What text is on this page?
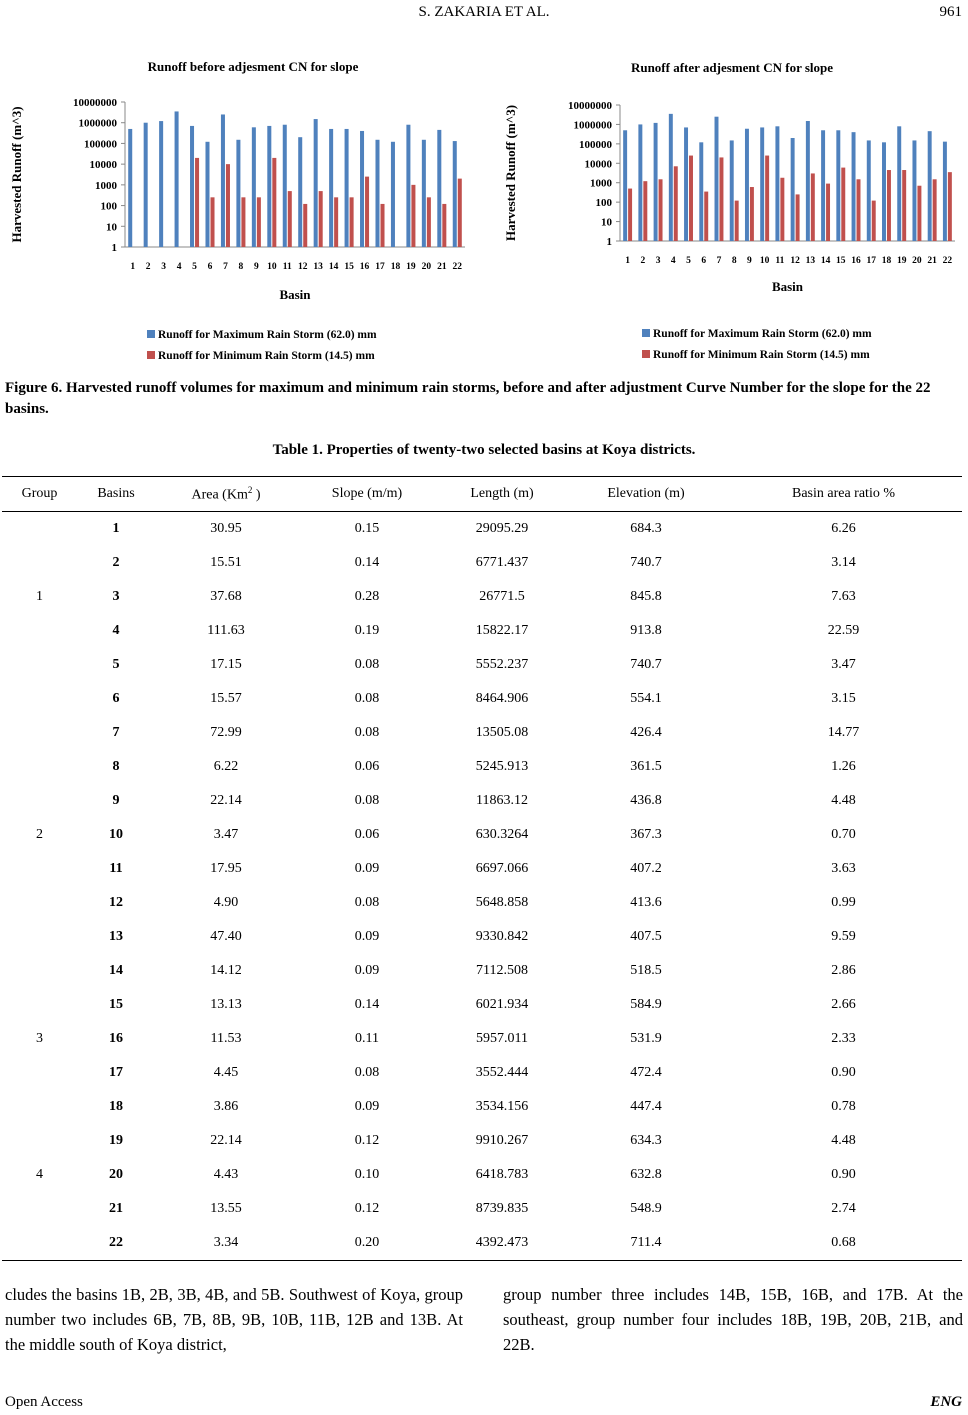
S. ZAKARIA ET AL.	961
Runoff before adjesment CN for slope
1
10
100
1000
10000
100000
1000000
10000000
1 2 3 4 5 6 7 8 9 10 11 12 13 14 15 16 17 18 19 20 21 22
Basin
Harvested Runoff (m^3)
Runoff for Maximum Rain Storm (62.0) mm
Runoff for Minimum Rain Storm (14.5) mm
Runoff after adjesment CN for slope
1
10
100
1000
10000
100000
1000000
10000000
1 2 3 4 5 6 7 8 9 10 11 12 13 14 15 16 17 18 19 20 21 22
Basin
Harvested Runoff (m^3)
Runoff for Maximum Rain Storm (62.0) mm
Runoff for Minimum Rain Storm (14.5) mm
Figure 6. Harvested runoff volumes for maximum and minimum rain storms, before and after adjustment Curve Number for the slope for the 22 basins.
Table 1. Properties of twenty-two selected basins at Koya districts.
Group	Basins	Area (Km$^2$ )	Slope (m/m)	Length (m)	Elevation (m)	Basin area ratio %
	1	30.95	0.15	29095.29	684.3	6.26
	2	15.51	0.14	6771.437	740.7	3.14
1	3	37.68	0.28	26771.5	845.8	7.63
	4	111.63	0.19	15822.17	913.8	22.59
	5	17.15	0.08	5552.237	740.7	3.47
	6	15.57	0.08	8464.906	554.1	3.15
	7	72.99	0.08	13505.08	426.4	14.77
	8	6.22	0.06	5245.913	361.5	1.26
	9	22.14	0.08	11863.12	436.8	4.48
2	10	3.47	0.06	630.3264	367.3	0.70
	11	17.95	0.09	6697.066	407.2	3.63
	12	4.90	0.08	5648.858	413.6	0.99
	13	47.40	0.09	9330.842	407.5	9.59
	14	14.12	0.09	7112.508	518.5	2.86
	15	13.13	0.14	6021.934	584.9	2.66
3	16	11.53	0.11	5957.011	531.9	2.33
	17	4.45	0.08	3552.444	472.4	0.90
	18	3.86	0.09	3534.156	447.4	0.78
	19	22.14	0.12	9910.267	634.3	4.48
4	20	4.43	0.10	6418.783	632.8	0.90
	21	13.55	0.12	8739.835	548.9	2.74
	22	3.34	0.20	4392.473	711.4	0.68
cludes the basins 1B, 2B, 3B, 4B, and 5B. Southwest of Koya, group number two includes 6B, 7B, 8B, 9B, 10B, 11B, 12B and 13B. At the middle south of Koya district,
group number three includes 14B, 15B, 16B, and 17B. At the southeast, group number four includes 18B, 19B, 20B, 21B, and 22B.
Open Access	ENG
